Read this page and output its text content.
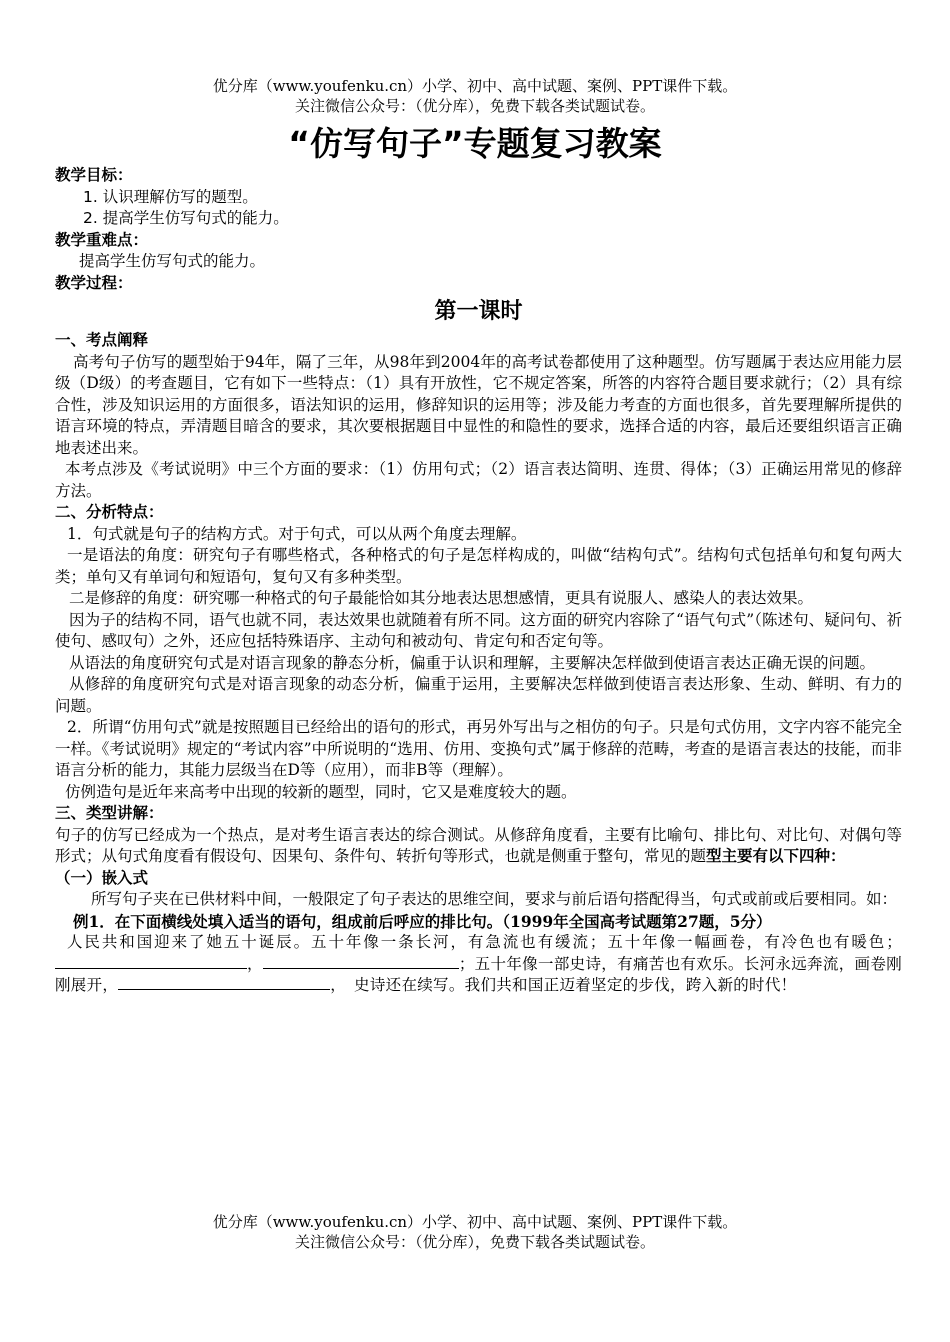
优分库（www.youfenku.cn）小学、初中、高中试题、案例、PPT课件下载。
关注微信公众号：（优分库），免费下载各类试题试卷。
“仿写句子”专题复习教案

教学目标：

1. 认识理解仿写的题型。

2. 提高学生仿写句式的能力。

教学重难点：

提高学生仿写句式的能力。

教学过程：

第一课时

一、考点阐释

高考句子仿写的题型始于94年，隔了三年，从98年到2004年的高考试卷都使用了这种题型。仿写题属于表达应用能力层级（D级）的考查题目，它有如下一些特点：（1）具有开放性，它不规定答案，所答的内容符合题目要求就行；（2）具有综合性，涉及知识运用的方面很多，语法知识的运用，修辞知识的运用等；涉及能力考查的方面也很多，首先要理解所提供的语言环境的特点，弄清题目暗含的要求，其次要根据题目中显性的和隐性的要求，选择合适的内容，最后还要组织语言正确地表述出来。

本考点涉及《考试说明》中三个方面的要求：（1）仿用句式；（2）语言表达简明、连贯、得体；（3）正确运用常见的修辞方法。

二、分析特点：

1．句式就是句子的结构方式。对于句式，可以从两个角度去理解。

一是语法的角度：研究句子有哪些格式，各种格式的句子是怎样构成的，叫做“结构句式”。结构句式包括单句和复句两大类；单句又有单词句和短语句，复句又有多种类型。

二是修辞的角度：研究哪一种格式的句子最能恰如其分地表达思想感情，更具有说服人、感染人的表达效果。

因为子的结构不同，语气也就不同，表达效果也就随着有所不同。这方面的研究内容除了“语气句式”（陈述句、疑问句、祈使句、感叹句）之外，还应包括特殊语序、主动句和被动句、肯定句和否定句等。

从语法的角度研究句式是对语言现象的静态分析，偏重于认识和理解，主要解决怎样做到使语言表达正确无误的问题。

从修辞的角度研究句式是对语言现象的动态分析，偏重于运用，主要解决怎样做到使语言表达形象、生动、鲜明、有力的问题。

2．所谓“仿用句式”就是按照题目已经给出的语句的形式，再另外写出与之相仿的句子。只是句式仿用，文字内容不能完全一样。《考试说明》规定的“考试内容”中所说明的“选用、仿用、变换句式”属于修辞的范畴，考查的是语言表达的技能，而非语言分析的能力，其能力层级当在D等（应用），而非B等（理解）。

仿例造句是近年来高考中出现的较新的题型，同时，它又是难度较大的题。

三、类型讲解：

句子的仿写已经成为一个热点，是对考生语言表达的综合测试。从修辞角度看，主要有比喻句、排比句、对比句、对偶句等形式；从句式角度看有假设句、因果句、条件句、转折句等形式，也就是侧重于整句，常见的题型主要有以下四种：

（一）嵌入式

所写句子夹在已供材料中间，一般限定了句子表达的思维空间，要求与前后语句搭配得当，句式或前或后要相同。如：

例1．在下面横线处填入适当的语句，组成前后呼应的排比句。（1999年全国高考试题第27题，5分）

人民共和国迎来了她五十诞辰。五十年像一条长河，有急流也有缓流；五十年像一幅画卷，有冷色也有暖色；，	；五十年像一部史诗，有痛苦也有欢乐。长河永远奔流，画卷刚刚展开，	，　史诗还在续写。我们共和国正迈着坚定的步伐，跨入新的时代！

优分库（www.youfenku.cn）小学、初中、高中试题、案例、PPT课件下载。
关注微信公众号：（优分库），免费下载各类试题试卷。
